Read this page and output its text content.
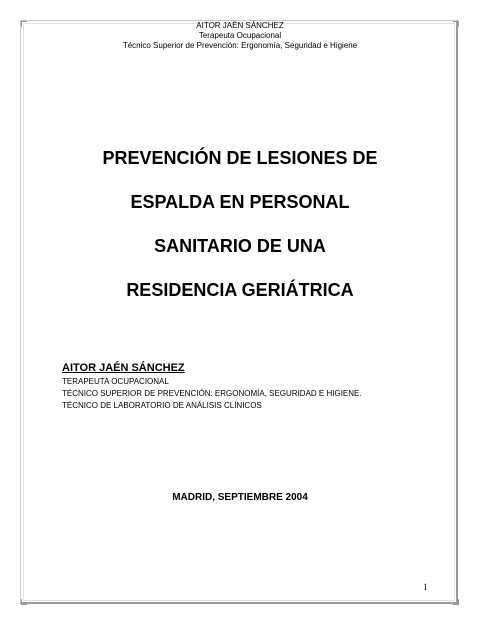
AITOR JAÉN SÁNCHEZ
Terapeuta Ocupacional
Técnico Superior de Prevención: Ergonomía, Seguridad e Higiene
PREVENCIÓN DE LESIONES DE
ESPALDA EN PERSONAL
SANITARIO DE UNA
RESIDENCIA GERIÁTRICA
AITOR JAÉN SÁNCHEZ
TERAPEUTA OCUPACIONAL
TÉCNICO SUPERIOR DE PREVENCIÓN: ERGONOMÍA, SEGURIDAD E HIGIENE.
TÉCNICO DE LABORATORIO DE ANÁLISIS CLÍNICOS
MADRID, SEPTIEMBRE 2004
1
